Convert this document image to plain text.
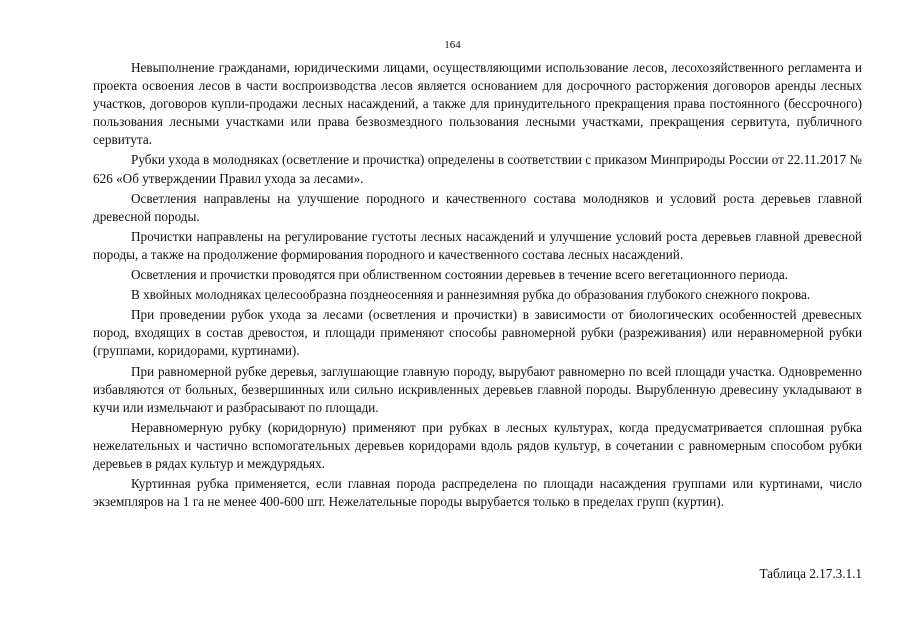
164

Невыполнение гражданами, юридическими лицами, осуществляющими использование лесов, лесохозяйственного регламента и проекта освоения лесов в части воспроизводства лесов является основанием для досрочного расторжения договоров аренды лесных участков, договоров купли-продажи лесных насаждений, а также для принудительного прекращения права постоянного (бессрочного) пользования лесными участками или права безвозмездного пользования лесными участками, прекращения сервитута, публичного сервитута.

Рубки ухода в молодняках (осветление и прочистка) определены в соответствии с приказом Минприроды России от 22.11.2017 № 626 «Об утверждении Правил ухода за лесами».

Осветления направлены на улучшение породного и качественного состава молодняков и условий роста деревьев главной древесной породы.

Прочистки направлены на регулирование густоты лесных насаждений и улучшение условий роста деревьев главной древесной породы, а также на продолжение формирования породного и качественного состава лесных насаждений.

Осветления и прочистки проводятся при облиственном состоянии деревьев в течение всего вегетационного периода.

В хвойных молодняках целесообразна позднеосенняя и раннезимняя рубка до образования глубокого снежного покрова.

При проведении рубок ухода за лесами (осветления и прочистки) в зависимости от биологических особенностей древесных пород, входящих в состав древостоя, и площади применяют способы равномерной рубки (разреживания) или неравномерной рубки (группами, коридорами, куртинами).

При равномерной рубке деревья, заглушающие главную породу, вырубают равномерно по всей площади участка. Одновременно избавляются от больных, безвершинных или сильно искривленных деревьев главной породы. Вырубленную древесину укладывают в кучи или измельчают и разбрасывают по площади.

Неравномерную рубку (коридорную) применяют при рубках в лесных культурах, когда предусматривается сплошная рубка нежелательных и частично вспомогательных деревьев коридорами вдоль рядов культур, в сочетании с равномерным способом рубки деревьев в рядах культур и междурядьях.

Куртинная рубка применяется, если главная порода распределена по площади насаждения группами или куртинами, число экземпляров на 1 га не менее 400-600 шт. Нежелательные породы вырубается только в пределах групп (куртин).

Таблица 2.17.3.1.1
